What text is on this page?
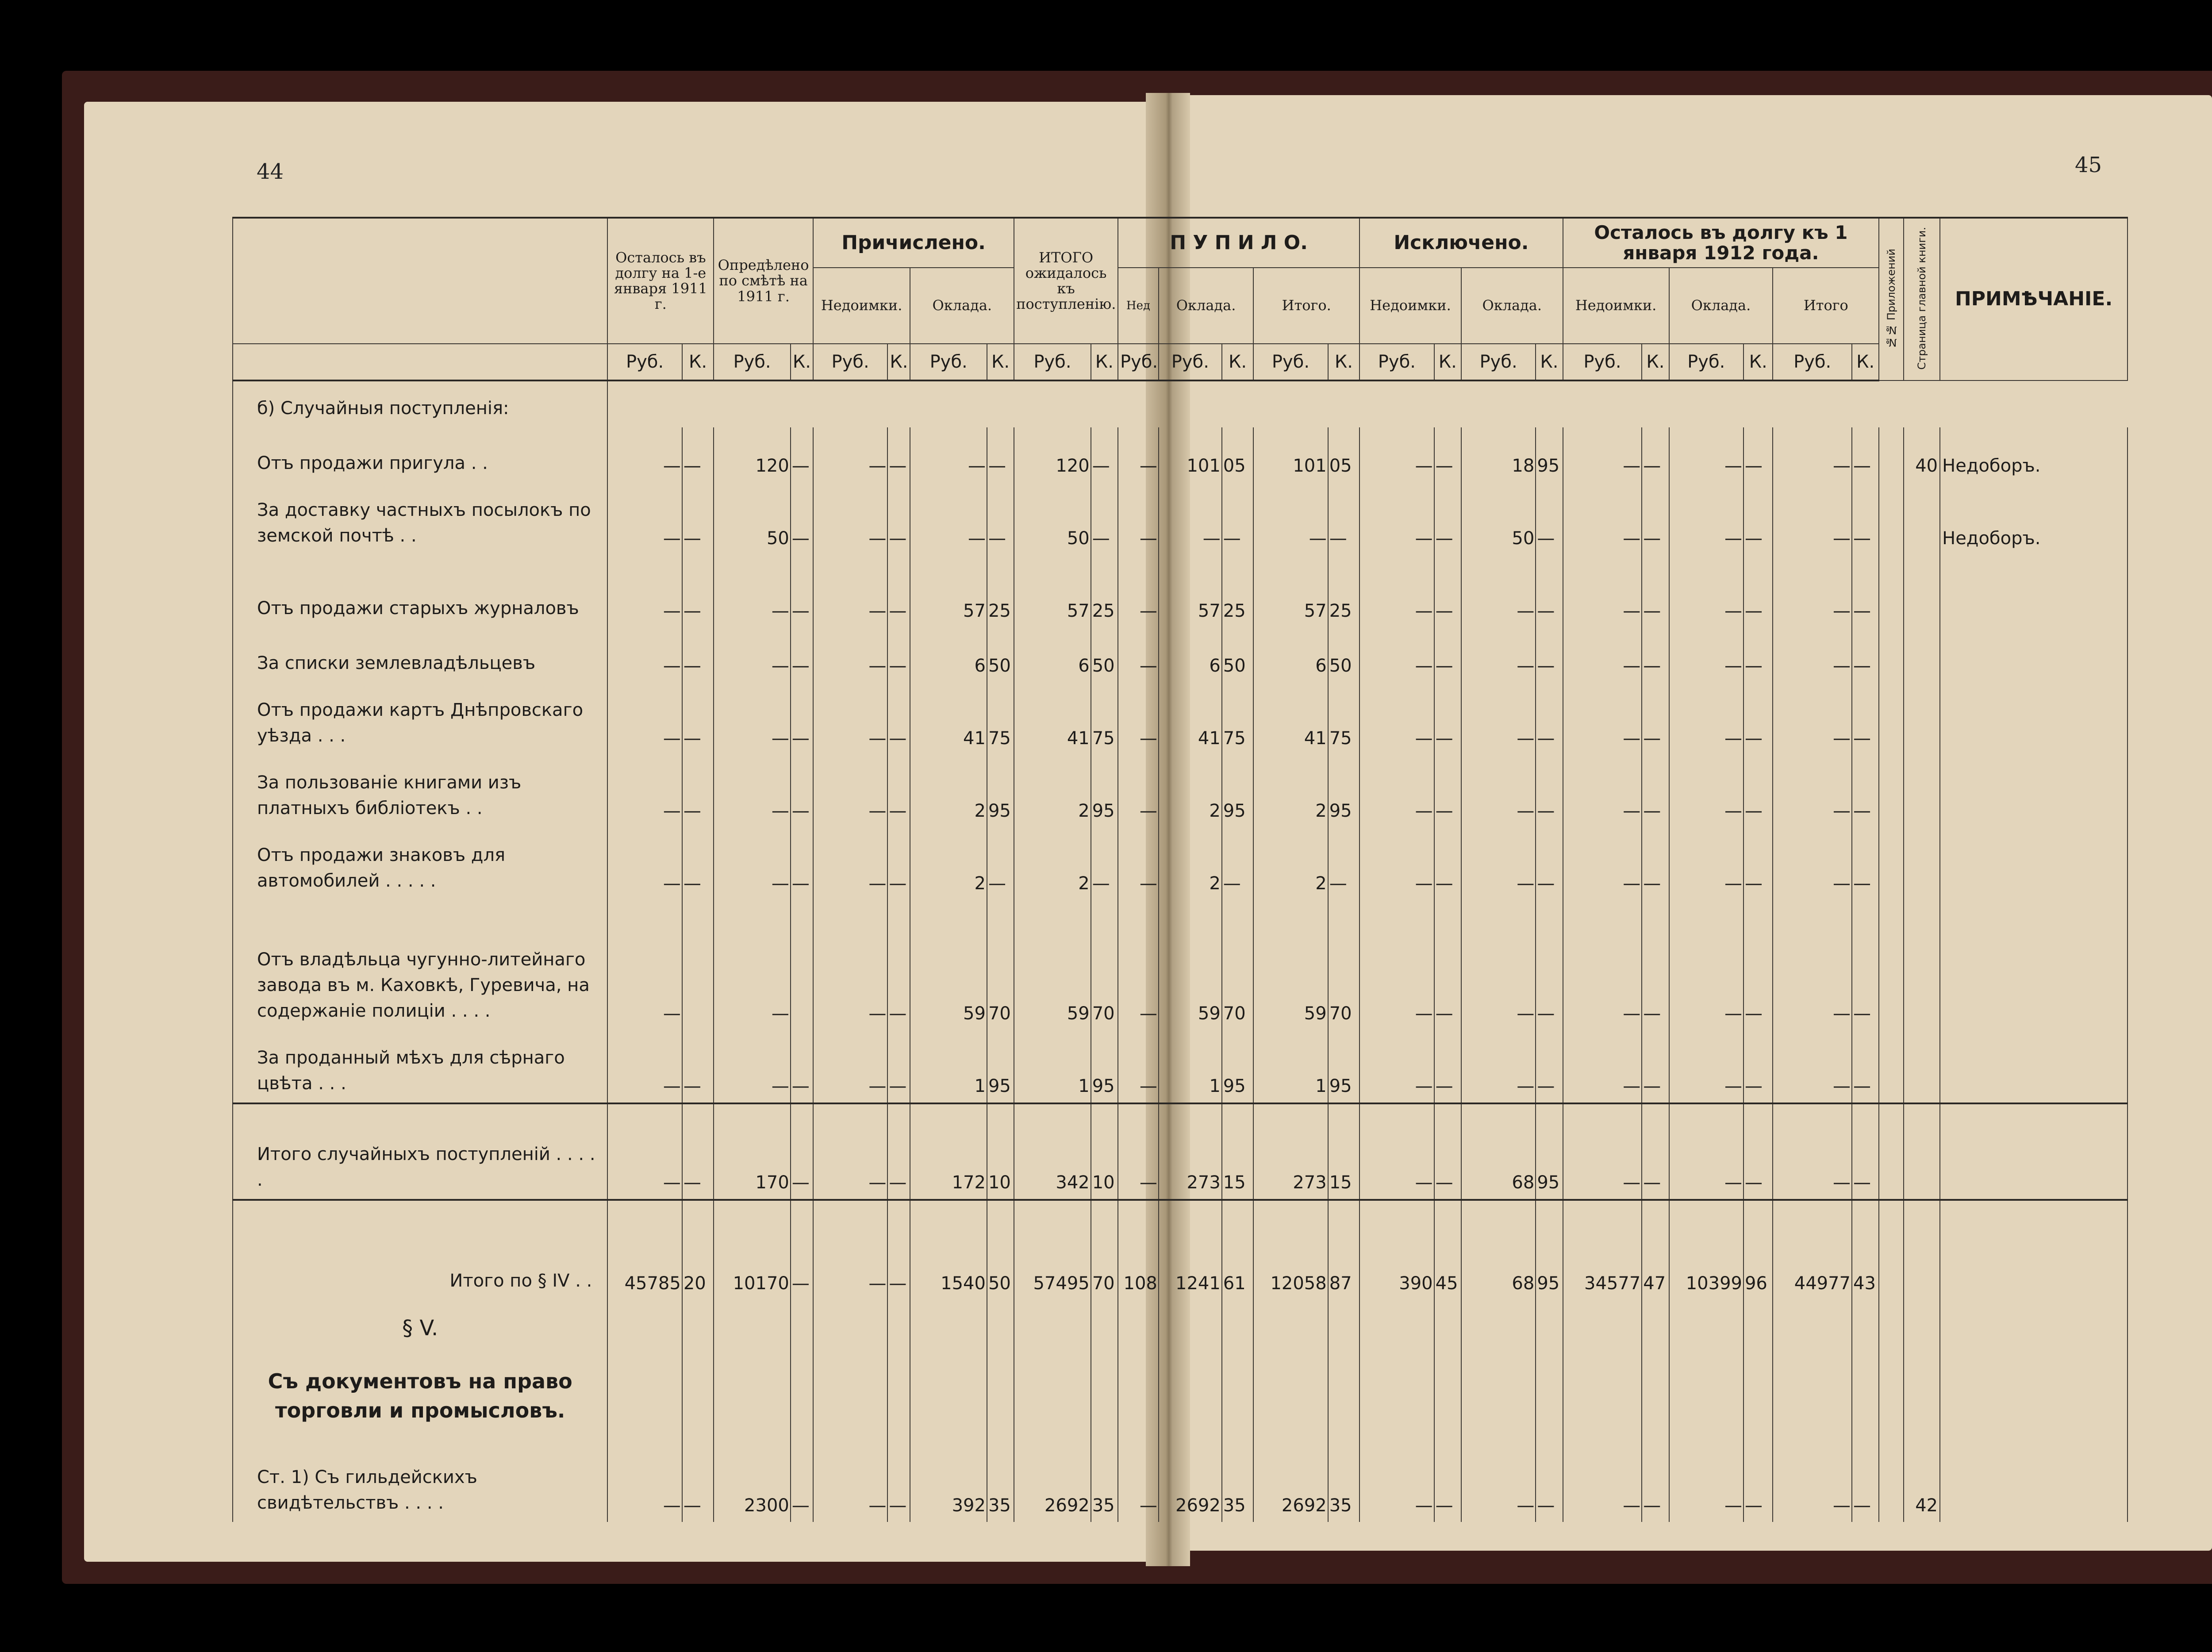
44	45
	Осталось въ долгу на 1-е января 1911 г.		Опредѣлено по смѣтѣ на 1911 г.		Причислено.				ИТОГО ожидалось къ поступленію.		П У П И Л О.					Исключено.				Осталось въ долгу къ 1 января 1912 года.						№№ Приложений	Страница главной книги.	ПРИМѢЧАНІЕ.
					Недоимки.		Оклада.				Нед	Оклада.		Итого.		Недоимки.		Оклада.		Недоимки.		Оклада.		Итого				
	Руб.	К.	Руб.	К.	Руб.	К.	Руб.	К.	Руб.	К.	Руб.	Руб.	К.	Руб.	К.	Руб.	К.	Руб.	К.	Руб.	К.	Руб.	К.	Руб.	К.			

б) Случайныя поступленія:																												

Отъ продажи пригула . .	—	—	120	—	—	—	—	—	120	—	—	101	05	101	05	—	—	18	95	—	—	—	—	—	—		40	Недоборъ.

За доставку частныхъ посылокъ по земской почтѣ . .	—	—	50	—	—	—	—	—	50	—	—	—	—	—	—	—	—	50	—	—	—	—	—	—	—			Недоборъ.

Отъ продажи старыхъ журналовъ	—	—	—	—	—	—	57	25	57	25	—	57	25	57	25	—	—	—	—	—	—	—	—	—	—			

За списки землевладѣльцевъ	—	—	—	—	—	—	6	50	6	50	—	6	50	6	50	—	—	—	—	—	—	—	—	—	—			

Отъ продажи картъ Днѣпровскаго уѣзда . . .	—	—	—	—	—	—	41	75	41	75	—	41	75	41	75	—	—	—	—	—	—	—	—	—	—			

За пользованіе книгами изъ платныхъ библіотекъ . .	—	—	—	—	—	—	2	95	2	95	—	2	95	2	95	—	—	—	—	—	—	—	—	—	—			

Отъ продажи знаковъ для автомобилей . . . . .	—	—	—	—	—	—	2	—	2	—	—	2	—	2	—	—	—	—	—	—	—	—	—	—	—			

Отъ владѣльца чугунно-литейнаго завода въ м. Каховкѣ, Гуревича, на содержаніе полиціи . . . .	—		—		—	—	59	70	59	70	—	59	70	59	70	—	—	—	—	—	—	—	—	—	—			

За проданный мѣхъ для сѣрнаго цвѣта . . .	—	—	—	—	—	—	1	95	1	95	—	1	95	1	95	—	—	—	—	—	—	—	—	—	—			

Итого случайныхъ поступленій . . . . .	—	—	170	—	—	—	172	10	342	10	—	273	15	273	15	—	—	68	95	—	—	—	—	—	—			

Итого по § IV . .	45785	20	10170	—	—	—	1540	50	57495	70	108	1241	61	12058	87	390	45	68	95	34577	47	10399	96	44977	43			

§ V.																												

Съ документовъ на право торговли и промысловъ.																												

Ст. 1) Съ гильдейскихъ свидѣтельствъ . . . .	—	—	2300	—	—	—	392	35	2692	35	—	2692	35	2692	35	—	—	—	—	—	—	—	—	—	—		42	
